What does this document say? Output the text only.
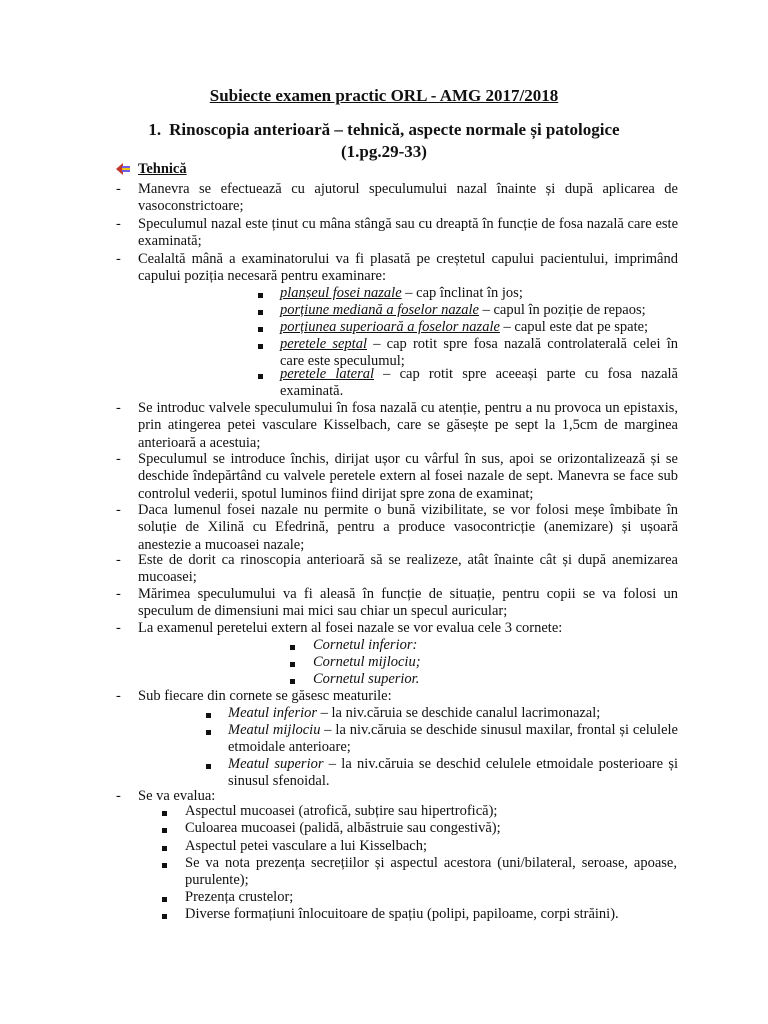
Subiecte examen practic ORL - AMG 2017/2018
1. Rinoscopia anterioară – tehnică, aspecte normale și patologice
(1.pg.29-33)
Tehnică
- Manevra se efectuează cu ajutorul speculumului nazal înainte și după aplicarea de vasoconstrictoare;
- Speculumul nazal este ținut cu mâna stângă sau cu dreaptă în funcție de fosa nazală care este examinată;
- Cealaltă mână a examinatorului va fi plasată pe creștetul capului pacientului, imprimând capului poziția necesară pentru examinare:
planșeul fosei nazale – cap înclinat în jos;
porțiune mediană a foselor nazale – capul în poziție de repaos;
porțiunea superioară a foselor nazale – capul este dat pe spate;
peretele septal – cap rotit spre fosa nazală controlaterală celei în care este speculumul;
peretele lateral – cap rotit spre aceeași parte cu fosa nazală examinată.
- Se introduc valvele speculumului în fosa nazală cu atenție, pentru a nu provoca un epistaxis, prin atingerea petei vasculare Kisselbach, care se găsește pe sept la 1,5cm de marginea anterioară a acestuia;
- Speculumul se introduce închis, dirijat ușor cu vârful în sus, apoi se orizontalizează și se deschide îndepărtând cu valvele peretele extern al fosei nazale de sept. Manevra se face sub controlul vederii, spotul luminos fiind dirijat spre zona de examinat;
- Daca lumenul fosei nazale nu permite o bună vizibilitate, se vor folosi meșe îmbibate în soluție de Xilină cu Efedrină, pentru a produce vasocontricție (anemizare) și ușoară anestezie a mucoasei nazale;
- Este de dorit ca rinoscopia anterioară să se realizeze, atât înainte cât și după anemizarea mucoasei;
- Mărimea speculumului va fi aleasă în funcție de situație, pentru copii se va folosi un speculum de dimensiuni mai mici sau chiar un specul auricular;
- La examenul peretelui extern al fosei nazale se vor evalua cele 3 cornete:
Cornetul inferior:
Cornetul mijlociu;
Cornetul superior.
- Sub fiecare din cornete se găsesc meaturile:
Meatul inferior – la niv.căruia se deschide canalul lacrimonazal;
Meatul mijlociu – la niv.căruia se deschide sinusul maxilar, frontal și celulele etmoidale anterioare;
Meatul superior – la niv.căruia se deschid celulele etmoidale posterioare și sinusul sfenoidal.
- Se va evalua:
Aspectul mucoasei (atrofică, subțire sau hipertrofică);
Culoarea mucoasei (palidă, albăstruie sau congestivă);
Aspectul petei vasculare a lui Kisselbach;
Se va nota prezența secrețiilor și aspectul acestora (uni/bilateral, seroase, apoase, purulente);
Prezența crustelor;
Diverse formațiuni înlocuitoare de spațiu (polipi, papiloame, corpi străini).
